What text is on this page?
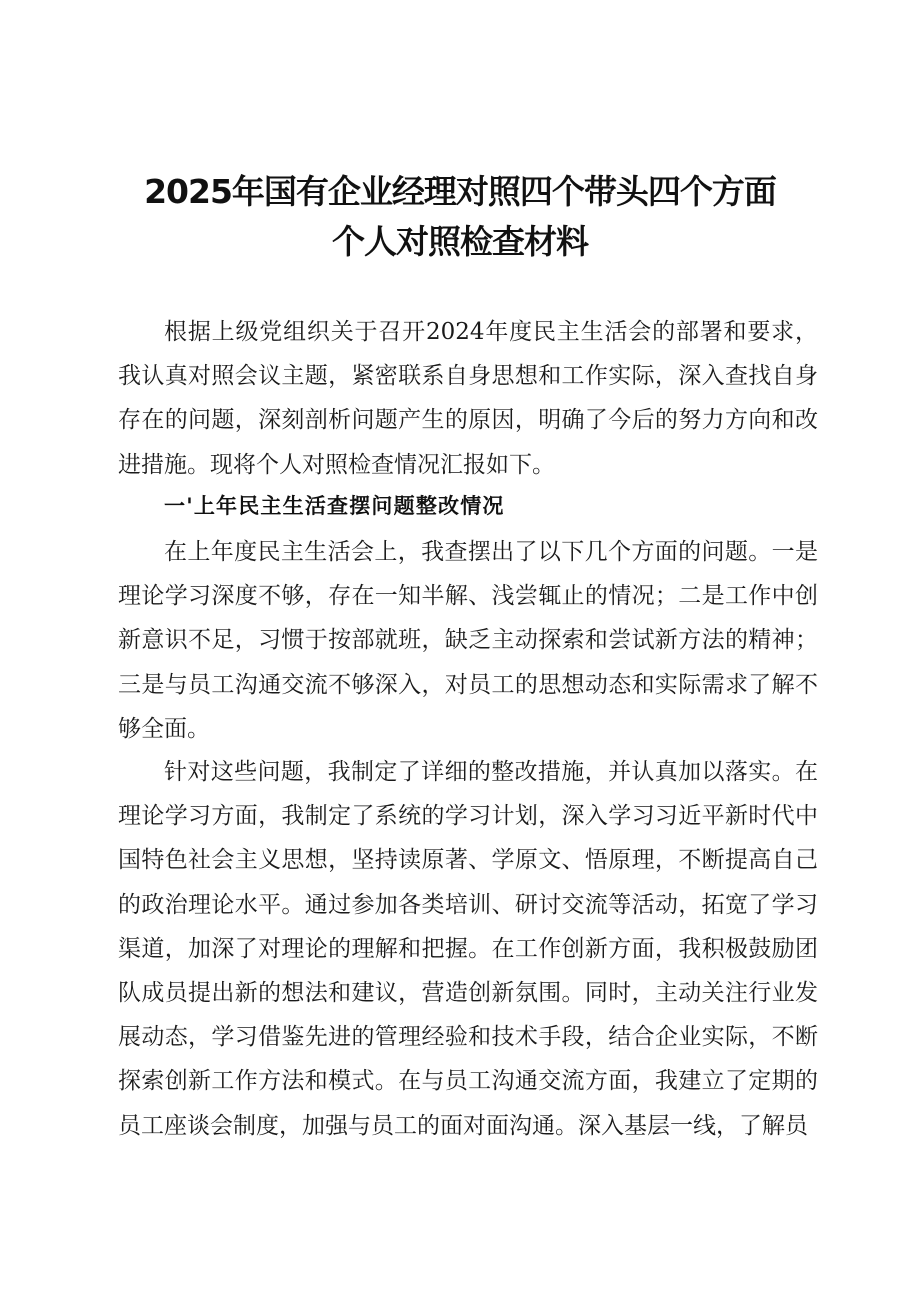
2025年国有企业经理对照四个带头四个方面
个人对照检查材料

根据上级党组织关于召开2024年度民主生活会的部署和要求，我认真对照会议主题，紧密联系自身思想和工作实际，深入查找自身存在的问题，深刻剖析问题产生的原因，明确了今后的努力方向和改进措施。现将个人对照检查情况汇报如下。

一'上年民主生活查摆问题整改情况

在上年度民主生活会上，我查摆出了以下几个方面的问题。一是理论学习深度不够，存在一知半解、浅尝辄止的情况；二是工作中创新意识不足，习惯于按部就班，缺乏主动探索和尝试新方法的精神；三是与员工沟通交流不够深入，对员工的思想动态和实际需求了解不够全面。

针对这些问题，我制定了详细的整改措施，并认真加以落实。在理论学习方面，我制定了系统的学习计划，深入学习习近平新时代中国特色社会主义思想，坚持读原著、学原文、悟原理，不断提高自己的政治理论水平。通过参加各类培训、研讨交流等活动，拓宽了学习渠道，加深了对理论的理解和把握。在工作创新方面，我积极鼓励团队成员提出新的想法和建议，营造创新氛围。同时，主动关注行业发展动态，学习借鉴先进的管理经验和技术手段，结合企业实际，不断探索创新工作方法和模式。在与员工沟通交流方面，我建立了定期的员工座谈会制度，加强与员工的面对面沟通。深入基层一线，了解员
